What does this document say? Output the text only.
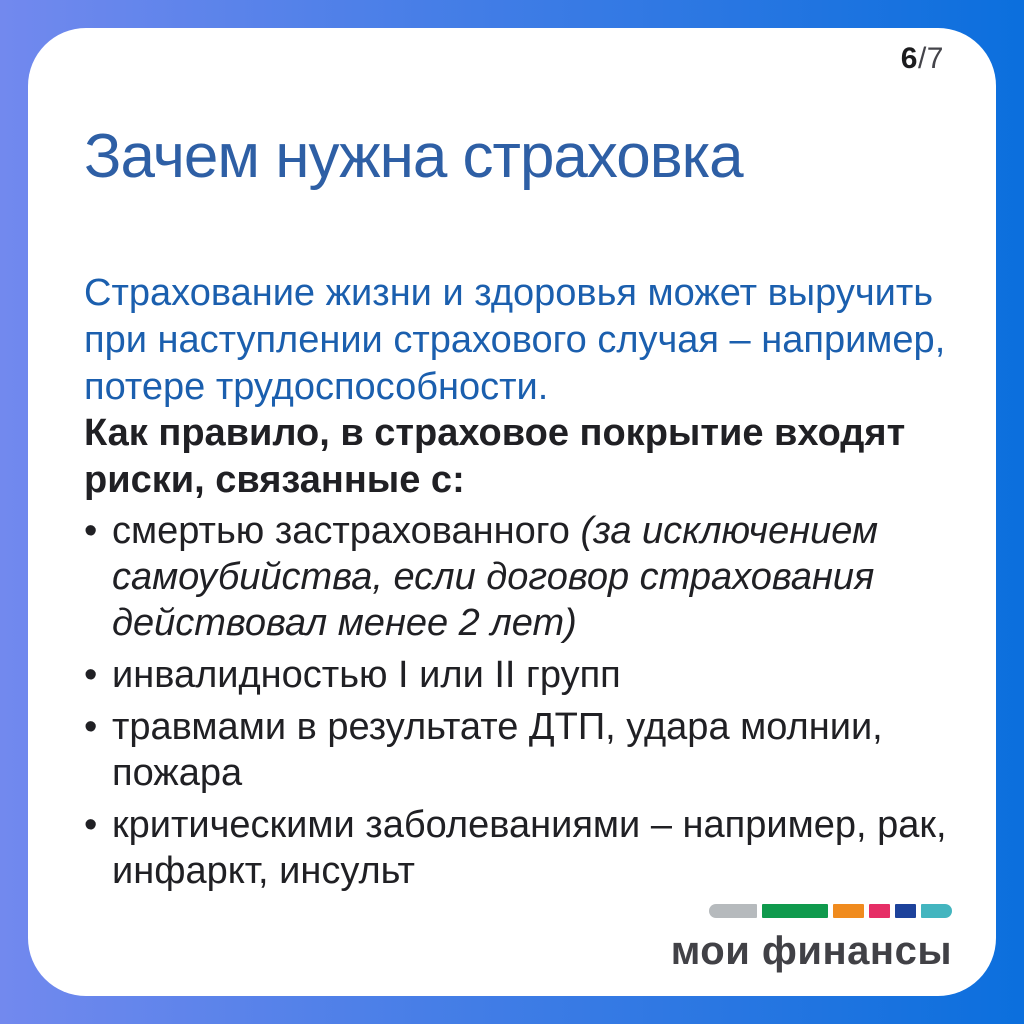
6/7
Зачем нужна страховка
Страхование жизни и здоровья может выручить
при наступлении страхового случая – например,
потере трудоспособности.
Как правило, в страховое покрытие входят
риски, связанные с:
• смертью застрахованного (за исключением
самоубийства, если договор страхования
действовал менее 2 лет)
• инвалидностью I или II групп
• травмами в результате ДТП, удара молнии,
пожара
• критическими заболеваниями – например, рак,
инфаркт, инсульт
мои финансы
